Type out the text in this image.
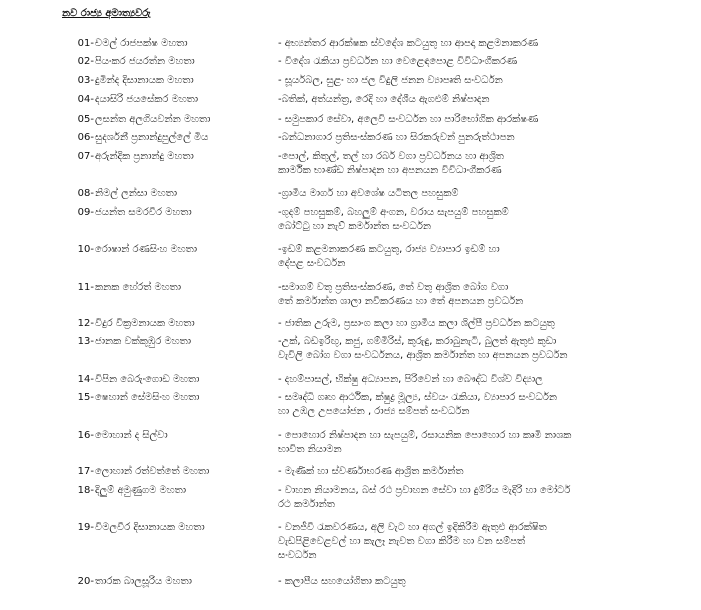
නව රාජ්‍ය අමාත්‍යවරු
01- චමල් රාජපක්ෂ මහතා	- අභ්‍යන්තර ආරක්ෂක ස්වදේශ කටයුතු හා ආපදා කළමනාකරණ
02- පියංකර ජයරත්න මහතා	- විදේශ රැකියා ප්‍රවර්ධන හා වෙළෙඳපොළ විවිධාංගීකරණ
03- දුමින්ද දිසානායක මහතා	- සූර්යබල, සුළං හා ජල විදුලි ජනන ව්‍යාපෘති සංවර්ධන
04- දයාසිරි ජයසේකර මහතා	-බතික්, අත්යන්ත්‍ර, රෙදි හා දේශීය ඇගළුම් නිෂ්පාදන
05- ලසන්ත අලගියවන්න මහතා	- සමුපකාර සේවා, අලෙවි සංවර්ධන හා පාරිභෝගික ආරක්ෂණ
06- සුදර්ශනී ප්‍රනාන්දුපුල්ලේ මිය	-බන්ධනාගාර ප්‍රතිසංස්කරණ හා සිරකරුවන් පුනරුත්ථාපන
07- අරුන්දික ප්‍රනාන්දු මහතා	-පොල්, කිතුල්, තල් හා රබර් වගා ප්‍රවර්ධනය හා ආශ්‍රිත
කාර්මික භාණ්ඩ නිෂ්පාදන හා අපනයන විවිධාංගීකරණ
08- නිමල් ලන්සා මහතා	-ග්‍රාමීය මාර්ග හා අවශේෂ යටිතල පහසුකම්
09- ජයන්ත සමරවීර මහතා	-ගුදම් පහසුකම්, බහලුම් අංගන, වරාය සැපයුම් පහසුකම්
බෝට්ටු හා නැව් කර්මාන්ත සංවර්ධන
10- රොෂාන් රණසිංහ මහතා	-ඉඩම් කළමනාකරණ කටයුතු, රාජ්‍ය ව්‍යාපාර ඉඩම් හා
දේපළ සංවර්ධන
11- කනක හේරත් මහතා	-සමාගම් වතු ප්‍රතිසංස්කරණ, තේ වතු ආශ්‍රිත බෝග වගා
තේ කර්මාන්ත ශාලා නවීකරණය හා තේ අපනයන ප්‍රවර්ධන
12- විදුර වික්‍රමනායක මහතා	- ජාතික උරුම, ප්‍රසාංග කලා හා ග්‍රාමීය කලා ශිල්පී ප්‍රවර්ධන කටයුතු
13- ජානක වක්කුඹුර මහතා	-උක්, බඩඉරිඟු, කජු, ගම්මිරිස්, කුරුඳු, කරාබුනැටි, බුලත් ඇතුළු කුඩා
වැවිලි බෝග වගා සංවර්ධනය, ආශ්‍රිත කර්මාන්ත හා අපනයන ප්‍රවර්ධන
14- විපින බෙරුංගොඩ මහතා	- දහම්පාසල්, භික්ෂු අධ්‍යාපන, පිරිවෙන් හා බෞද්ධ විශ්ව විද්‍යාල
15- ෂෙහාන් සේමසිංහ මහතා	- සමෘද්ධි ගෘහ ආර්ථික, ක්ෂුද්‍ර මූල්‍ය, ස්වයං රැකියා, ව්‍යාපාර සංවර්ධන
හා උඹල උපයෝජන , රාජ්‍ය සම්පත් සංවර්ධන
16- මොහාන් ද සිල්වා	- පොහොර නිෂ්පාදන හා සැපයුම්, රසායනික පොහොර හා කෘමි නාශක
භාවිත නියාමන
17- ලොහාන් රත්වත්තේ මහතා	- මැණික් හා ස්වර්ණාභරණ ආශ්‍රිත කර්මාන්ත
18- දිලුම් අමුණුගම මහතා	- වාහන නියාමනය, බස් රථ ප්‍රවාහන සේවා හා දුම්රිය මැදිරි හා මෝටර්
රථ කර්මාන්ත
19- විමලවීර දිසානායක මහතා	- වනජීවී රැකවරණය, අලි වැට හා අගල් ඉදිකිරීම ඇතුළු ආරක්ෂිත
වැඩපිළිවෙළවල් හා කැලෑ නැවත වගා කිරීම හා වන සම්පත්
සංවර්ධන
20- තාරක බාලසූරිය මහතා	- කලාපීය සහයෝගිතා කටයුතු
